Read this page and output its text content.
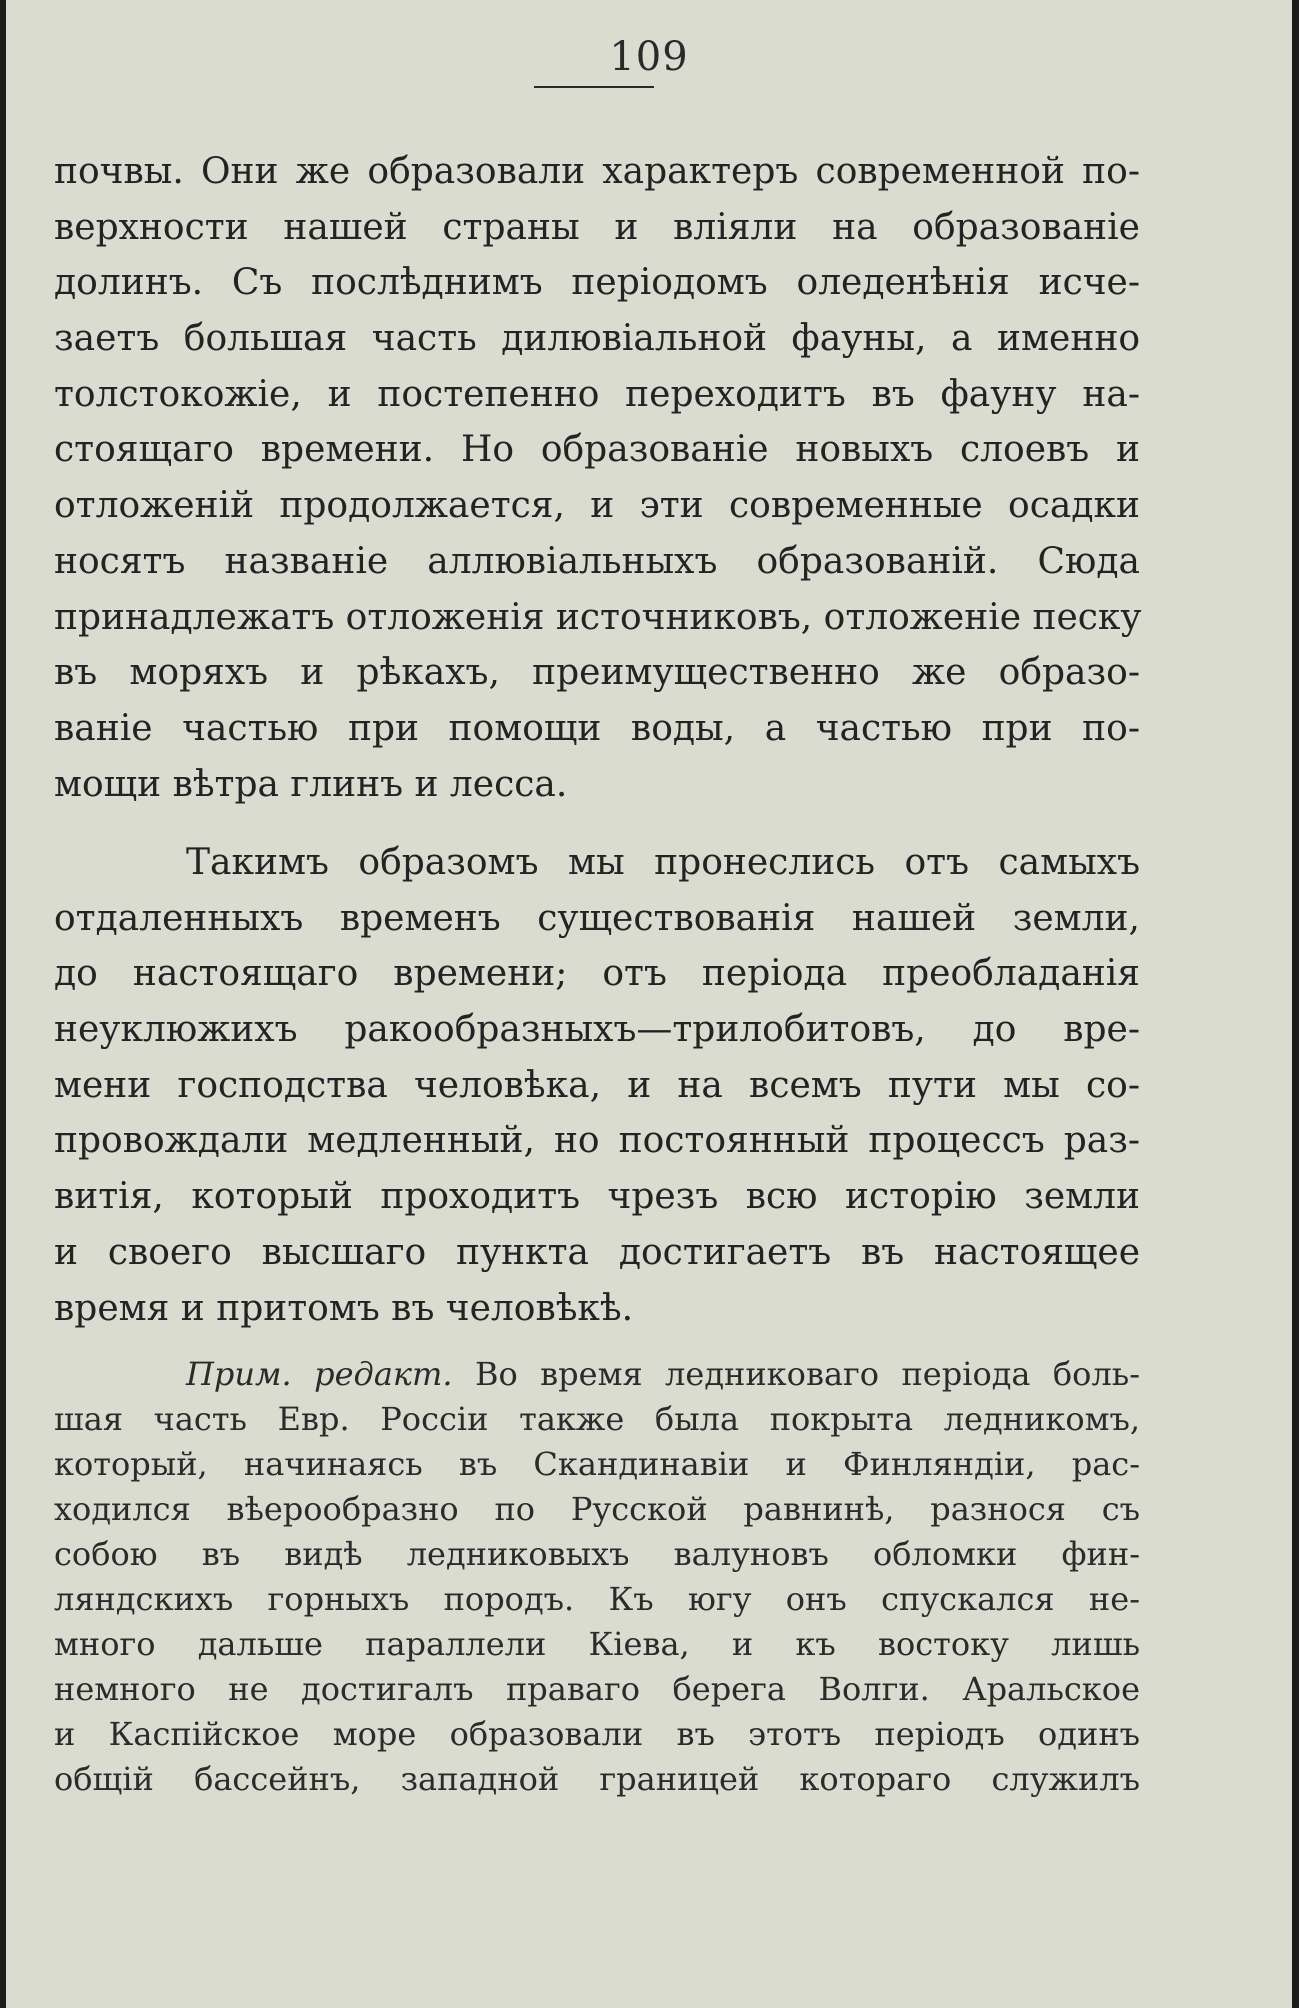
109
почвы. Они же образовали характеръ современной по-
верхности нашей страны и вліяли на образованіе
долинъ. Съ послѣднимъ періодомъ оледенѣнія исче-
заетъ большая часть дилювіальной фауны, а именно
толстокожіе, и постепенно переходитъ въ фауну на-
стоящаго времени. Но образованіе новыхъ слоевъ и
отложеній продолжается, и эти современные осадки
носятъ названіе аллювіальныхъ образованій. Сюда
принадлежатъ отложенія источниковъ, отложеніе песку
въ моряхъ и рѣкахъ, преимущественно же образо-
ваніе частью при помощи воды, а частью при по-
мощи вѣтра глинъ и лесса.
Такимъ образомъ мы пронеслись отъ самыхъ
отдаленныхъ временъ существованія нашей земли,
до настоящаго времени; отъ періода преобладанія
неуклюжихъ ракообразныхъ—трилобитовъ, до вре-
мени господства человѣка, и на всемъ пути мы со-
провождали медленный, но постоянный процессъ раз-
витія, который проходитъ чрезъ всю исторію земли
и своего высшаго пункта достигаетъ въ настоящее
время и притомъ въ человѣкѣ.
Прим. редакт. Во время ледниковаго періода боль-
шая часть Евр. Россіи также была покрыта ледникомъ,
который, начинаясь въ Скандинавіи и Финляндіи, рас-
ходился вѣерообразно по Русской равнинѣ, разнося съ
собою въ видѣ ледниковыхъ валуновъ обломки фин-
ляндскихъ горныхъ породъ. Къ югу онъ спускался не-
много дальше параллели Кіева, и къ востоку лишь
немного не достигалъ праваго берега Волги. Аральское
и Каспійское море образовали въ этотъ періодъ одинъ
общій бассейнъ, западной границей котораго служилъ
